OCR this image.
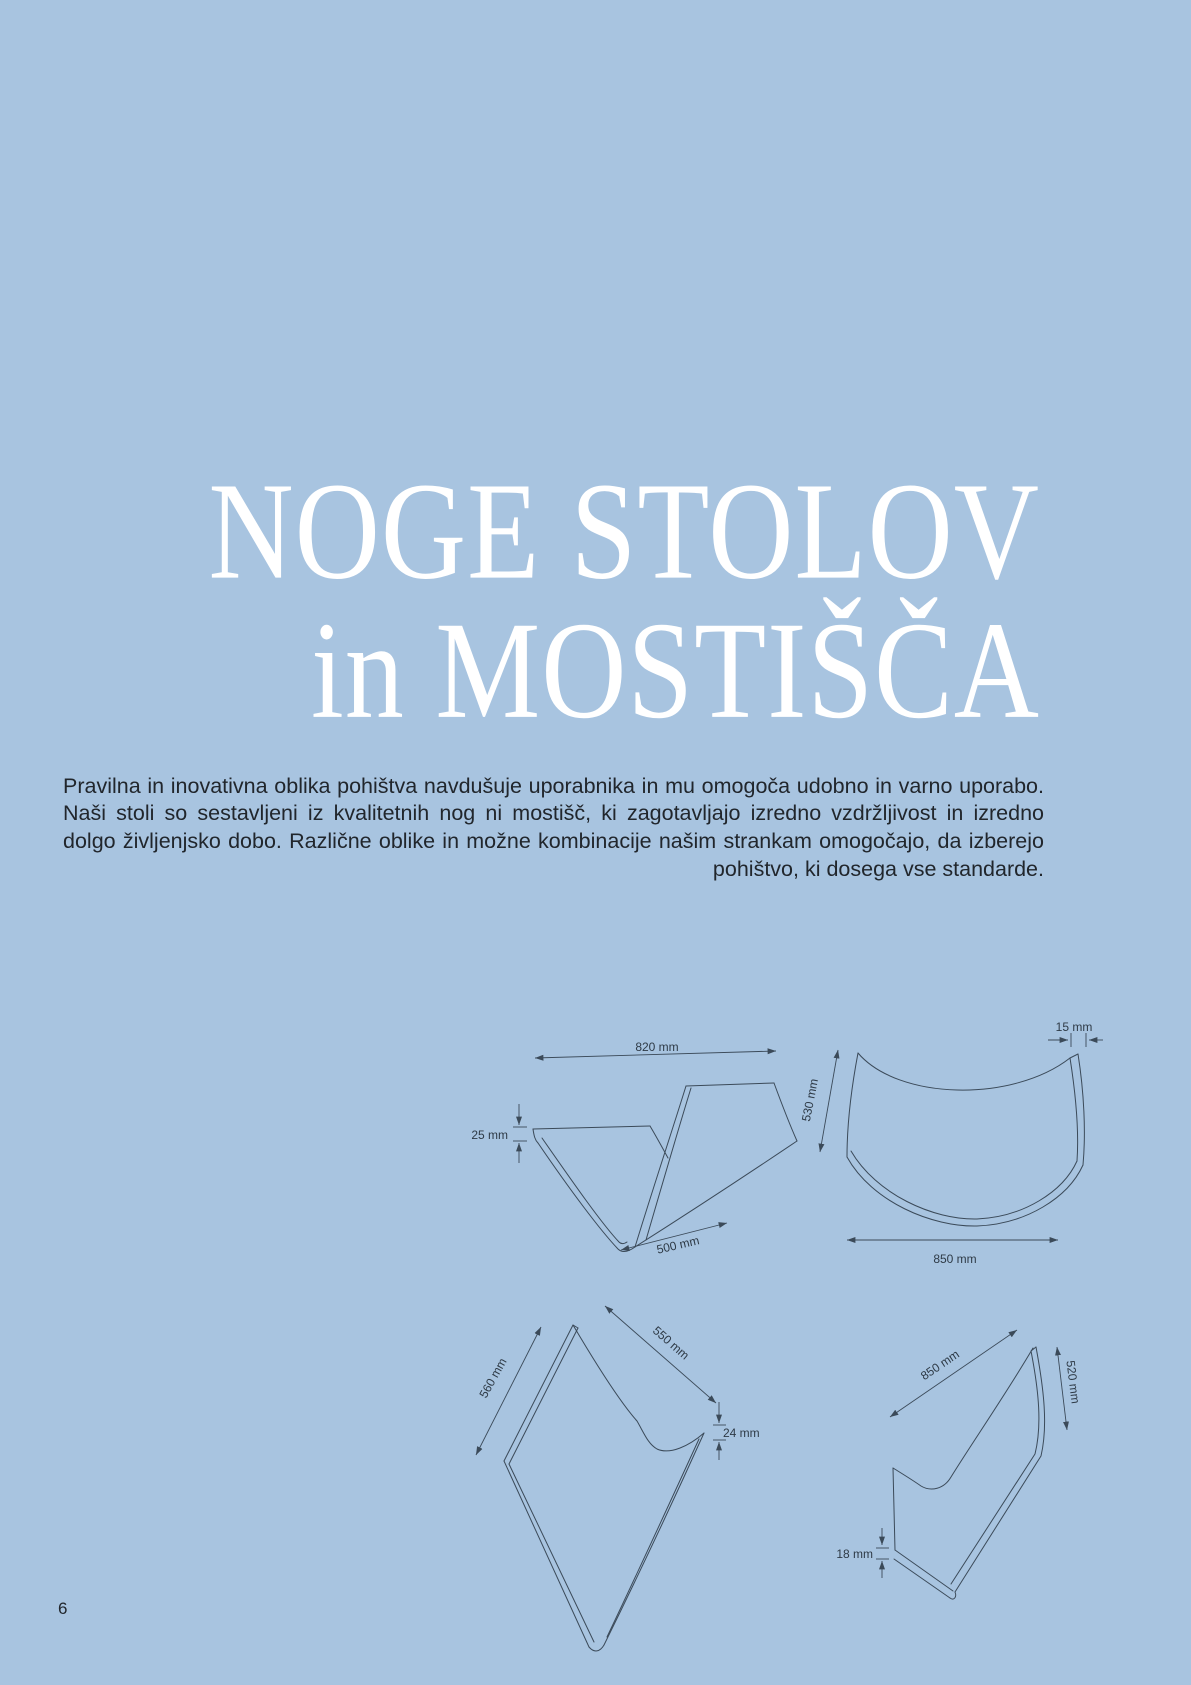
NOGE STOLOV
in MOSTIŠČA

Pravilna in inovativna oblika pohištva navdušuje uporabnika in mu omogoča udobno in varno uporabo. Naši stoli so sestavljeni iz kvalitetnih nog ni mostišč, ki zagotavljajo izredno vzdržljivost in izredno dolgo življenjsko dobo. Različne oblike in možne kombinacije našim strankam omogočajo, da izberejo pohištvo, ki dosega vse standarde.

820 mm
25 mm
500 mm
15 mm
530 mm
850 mm
560 mm
550 mm
24 mm
850 mm	520 mm
18 mm
6
